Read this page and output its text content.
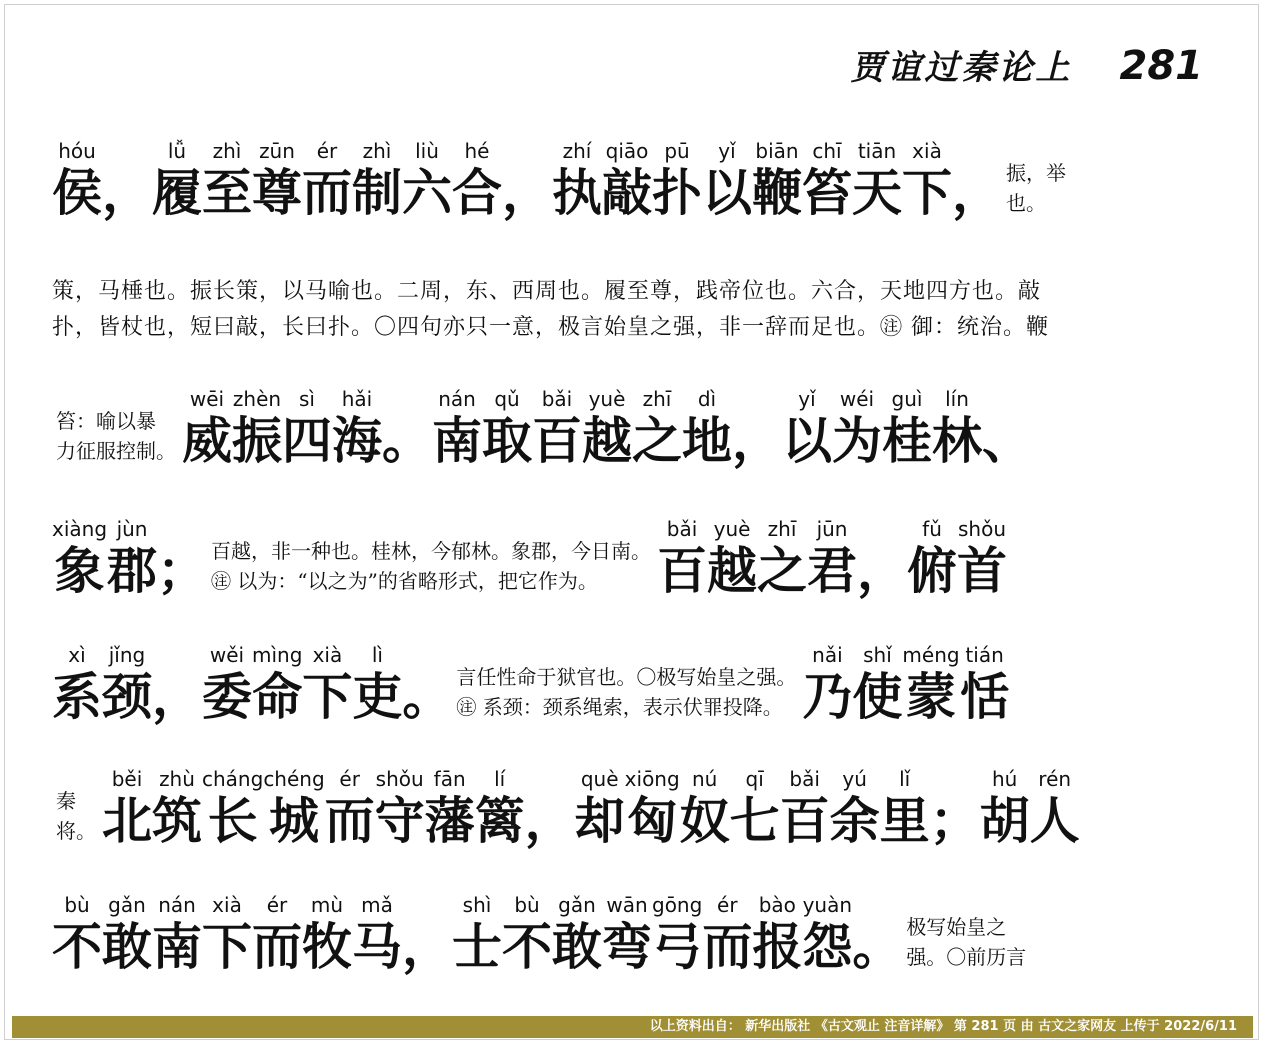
贾谊过秦论上 281
hóu
侯 ，
lǚ
履
zhì
至
zūn
尊
ér
而
zhì
制
liù
六
hé
合 ，
zhí
执
qiāo
敲
pū
扑
yǐ
以
biān
鞭
chī
笞
tiān
天
xià
下 ， 振，举
也。
策，马棰也。振长策，以马喻也。二周，东、西周也。履至尊，践帝位也。六合，天地四方也。敲
扑，皆杖也，短曰敲，长曰扑。〇四句亦只一意，极言始皇之强，非一辞而足也。㊟ 御：统治。鞭
笞：喻以暴
力征服控制。
wēi
威
zhèn
振
sì
四
hǎi
海 。
nán
南
qǔ
取
bǎi
百
yuè
越
zhī
之
dì
地 ，
yǐ
以
wéi
为
guì
桂
lín
林 、
xiàng
象
jùn
郡 ； 百越，非一种也。桂林，今郁林。象郡，今日南。
㊟ 以为：“以之为”的省略形式，把它作为。
bǎi
百
yuè
越
zhī
之
jūn
君 ，
fǔ
俯
shǒu
首
xì
系
jǐng
颈 ，
wěi
委
mìng
命
xià
下
lì
吏 。 言任性命于狱官也。〇极写始皇之强。
㊟ 系颈：颈系绳索，表示伏罪投降。
nǎi
乃
shǐ
使
méng
蒙
tián
恬
秦
将。
běi
北
zhù
筑
cháng
长
chéng
城
ér
而
shǒu
守
fān
藩
lí
篱 ，
què
却
xiōng
匈
nú
奴
qī
七
bǎi
百
yú
余
lǐ
里 ；
hú
胡
rén
人
bù
不
gǎn
敢
nán
南
xià
下
ér
而
mù
牧
mǎ
马 ，
shì
士
bù
不
gǎn
敢
wān
弯
gōng
弓
ér
而
bào
报
yuàn
怨 。 极写始皇之
强。〇前历言
以上资料出自： 新华出版社 《古文观止 注音详解》 第 281 页 由 古文之家网友 上传于 2022/6/11
